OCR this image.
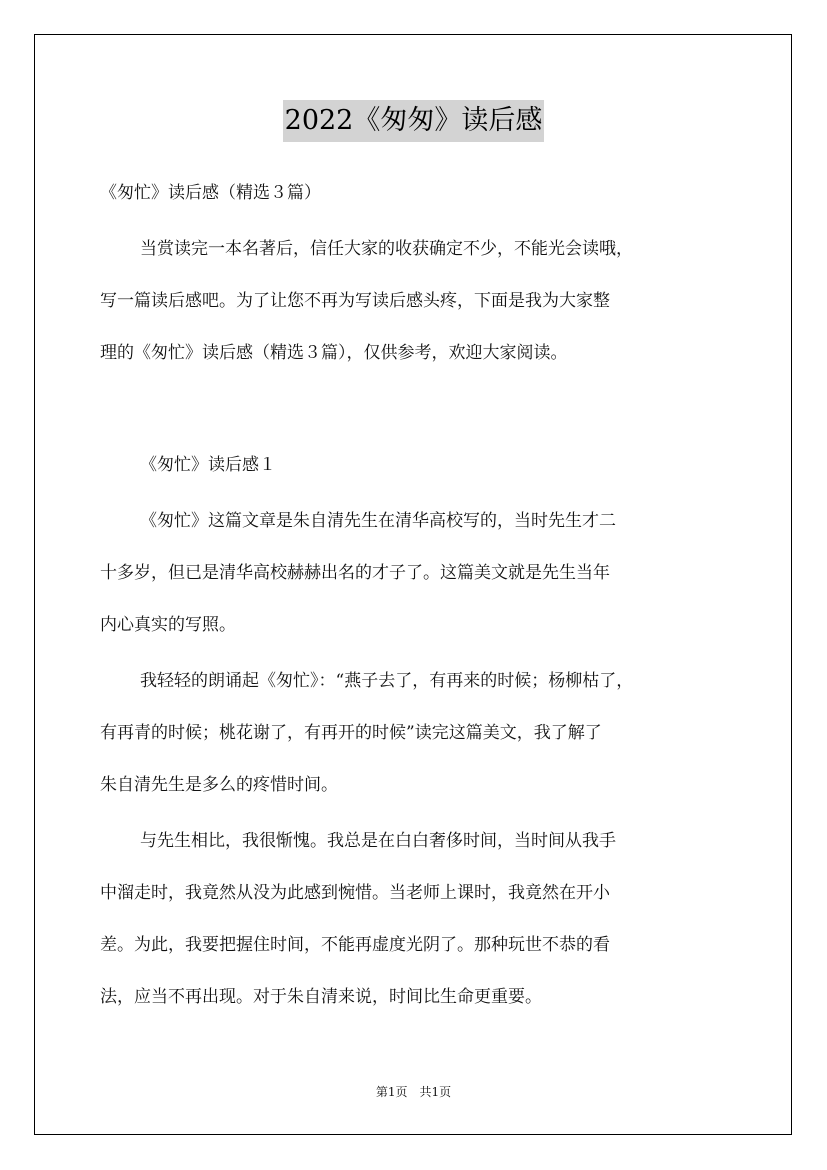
2022《匆匆》读后感
《匆忙》读后感（精选３篇）
当赏读完一本名著后，信任大家的收获确定不少，不能光会读哦，
写一篇读后感吧。为了让您不再为写读后感头疼，下面是我为大家整
理的《匆忙》读后感（精选３篇），仅供参考，欢迎大家阅读。
《匆忙》读后感１
《匆忙》这篇文章是朱自清先生在清华高校写的，当时先生才二
十多岁，但已是清华高校赫赫出名的才子了。这篇美文就是先生当年
内心真实的写照。
我轻轻的朗诵起《匆忙》：“燕子去了，有再来的时候；杨柳枯了，
有再青的时候；桃花谢了，有再开的时候”读完这篇美文，我了解了
朱自清先生是多么的疼惜时间。
与先生相比，我很惭愧。我总是在白白奢侈时间，当时间从我手
中溜走时，我竟然从没为此感到惋惜。当老师上课时，我竟然在开小
差。为此，我要把握住时间，不能再虚度光阴了。那种玩世不恭的看
法，应当不再出现。对于朱自清来说，时间比生命更重要。
第1页　共1页
